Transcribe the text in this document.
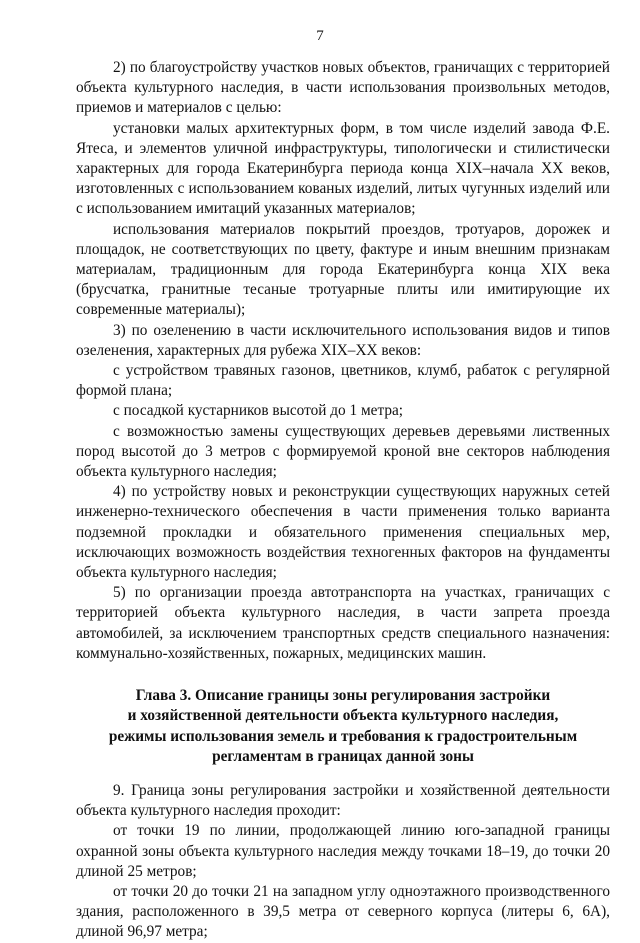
7

2) по благоустройству участков новых объектов, граничащих с территорией объекта культурного наследия, в части использования произвольных методов, приемов и материалов с целью:

установки малых архитектурных форм, в том числе изделий завода Ф.Е. Ятеса, и элементов уличной инфраструктуры, типологически и стилистически характерных для города Екатеринбурга периода конца XIX–начала XX веков, изготовленных с использованием кованых изделий, литых чугунных изделий или с использованием имитаций указанных материалов;

использования материалов покрытий проездов, тротуаров, дорожек и площадок, не соответствующих по цвету, фактуре и иным внешним признакам материалам, традиционным для города Екатеринбурга конца XIX века (брусчатка, гранитные тесаные тротуарные плиты или имитирующие их современные материалы);

3) по озеленению в части исключительного использования видов и типов озеленения, характерных для рубежа XIX–XX веков:

с устройством травяных газонов, цветников, клумб, рабаток с регулярной формой плана;

с посадкой кустарников высотой до 1 метра;

с возможностью замены существующих деревьев деревьями лиственных пород высотой до 3 метров с формируемой кроной вне секторов наблюдения объекта культурного наследия;

4) по устройству новых и реконструкции существующих наружных сетей инженерно-технического обеспечения в части применения только варианта подземной прокладки и обязательного применения специальных мер, исключающих возможность воздействия техногенных факторов на фундаменты объекта культурного наследия;

5) по организации проезда автотранспорта на участках, граничащих с территорией объекта культурного наследия, в части запрета проезда автомобилей, за исключением транспортных средств специального назначения: коммунально-хозяйственных, пожарных, медицинских машин.

Глава 3. Описание границы зоны регулирования застройки
и хозяйственной деятельности объекта культурного наследия,
режимы использования земель и требования к градостроительным
регламентам в границах данной зоны

9. Граница зоны регулирования застройки и хозяйственной деятельности объекта культурного наследия проходит:

от точки 19 по линии, продолжающей линию юго-западной границы охранной зоны объекта культурного наследия между точками 18–19, до точки 20 длиной 25 метров;

от точки 20 до точки 21 на западном углу одноэтажного производственного здания, расположенного в 39,5 метра от северного корпуса (литеры 6, 6А), длиной 96,97 метра;
